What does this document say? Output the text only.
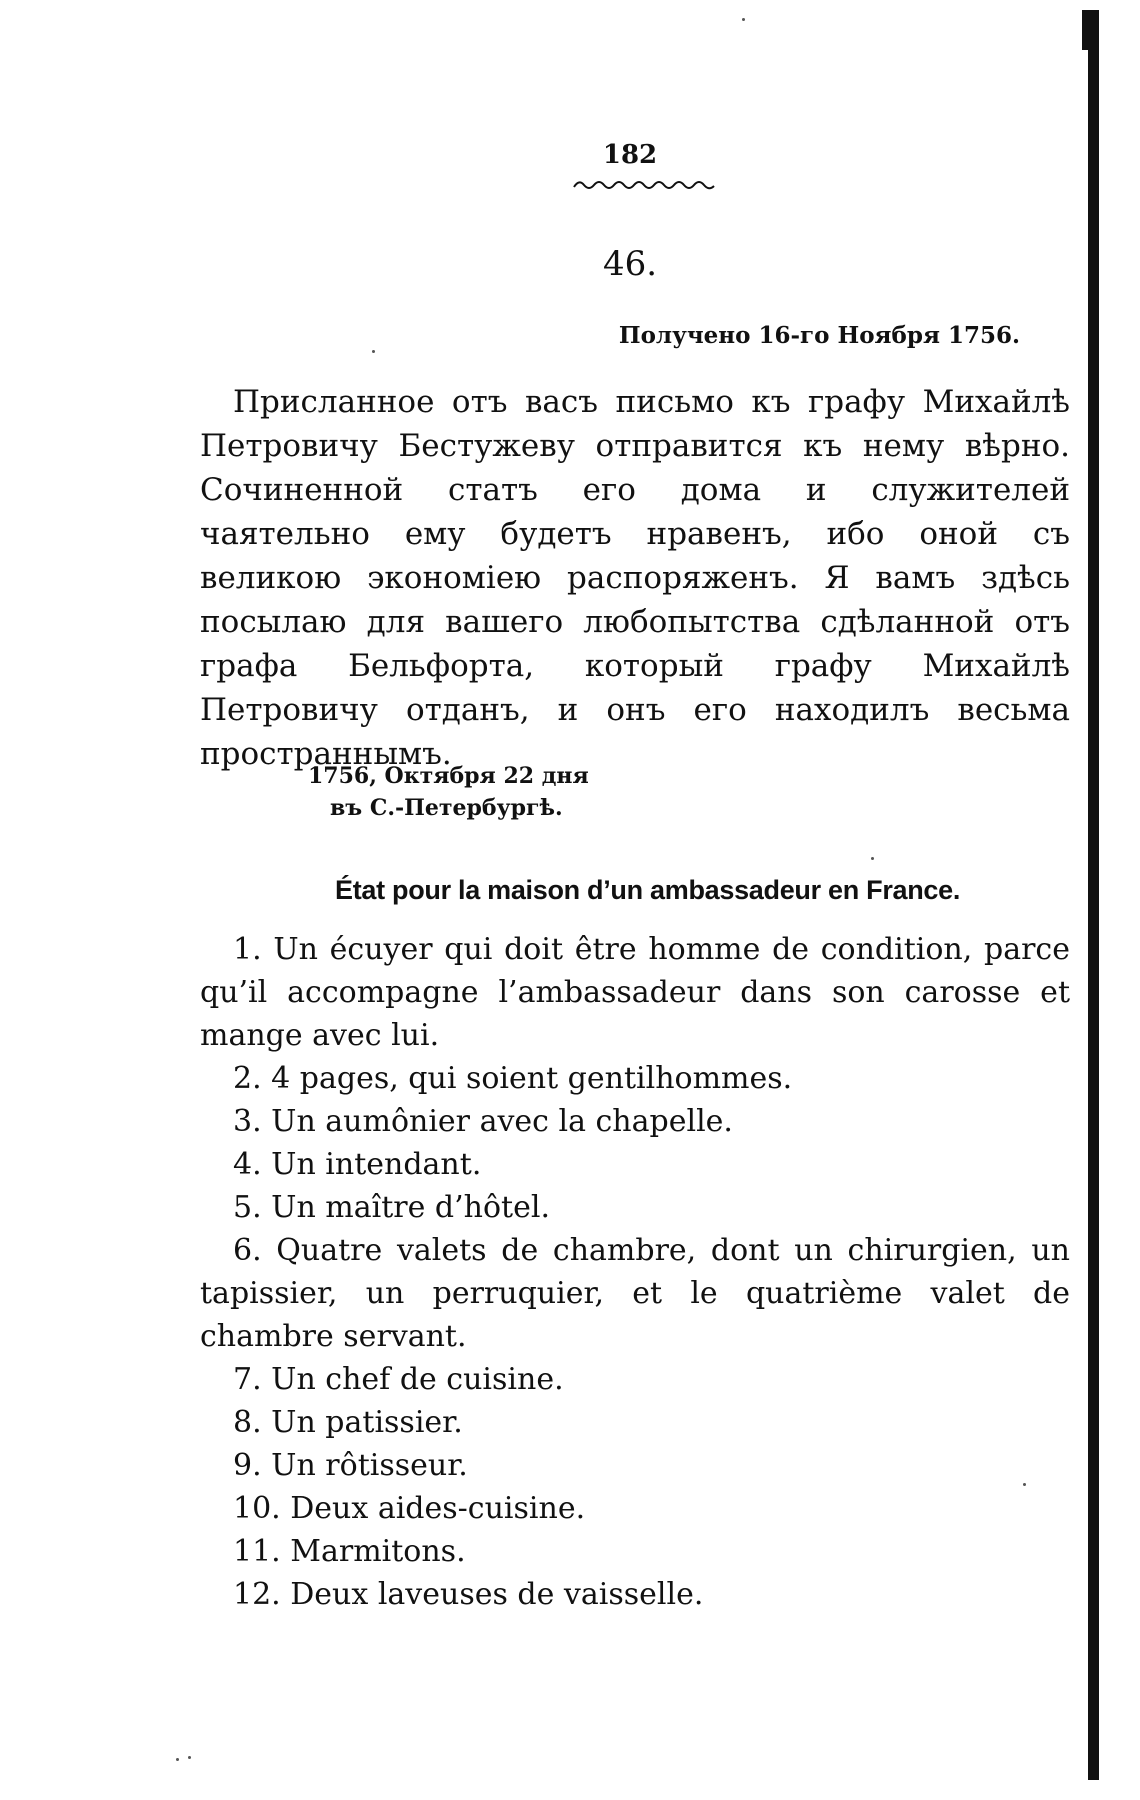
182
46.
Получено 16-го Ноября 1756.
Присланное отъ васъ письмо къ графу Михайлѣ Петровичу Бестужеву отправится къ нему вѣрно. Сочиненной статъ его дома и служителей чаятельно ему будетъ нравенъ, ибо оной съ великою экономіею распоряженъ. Я вамъ здѣсь посылаю для вашего любопытства сдѣланной отъ графа Бельфорта, который графу Михайлѣ Петровичу отданъ, и онъ его находилъ весьма пространнымъ.
1756, Октября 22 дня
въ С.-Петербургѣ.
État pour la maison d’un ambassadeur en France.
1. Un écuyer qui doit être homme de condition, parce qu’il accompagne l’ambassadeur dans son carosse et mange avec lui.
2. 4 pages, qui soient gentilhommes.
3. Un aumônier avec la chapelle.
4. Un intendant.
5. Un maître d’hôtel.
6. Quatre valets de chambre, dont un chirurgien, un tapissier, un perruquier, et le quatrième valet de chambre servant.
7. Un chef de cuisine.
8. Un patissier.
9. Un rôtisseur.
10. Deux aides-cuisine.
11. Marmitons.
12. Deux laveuses de vaisselle.
